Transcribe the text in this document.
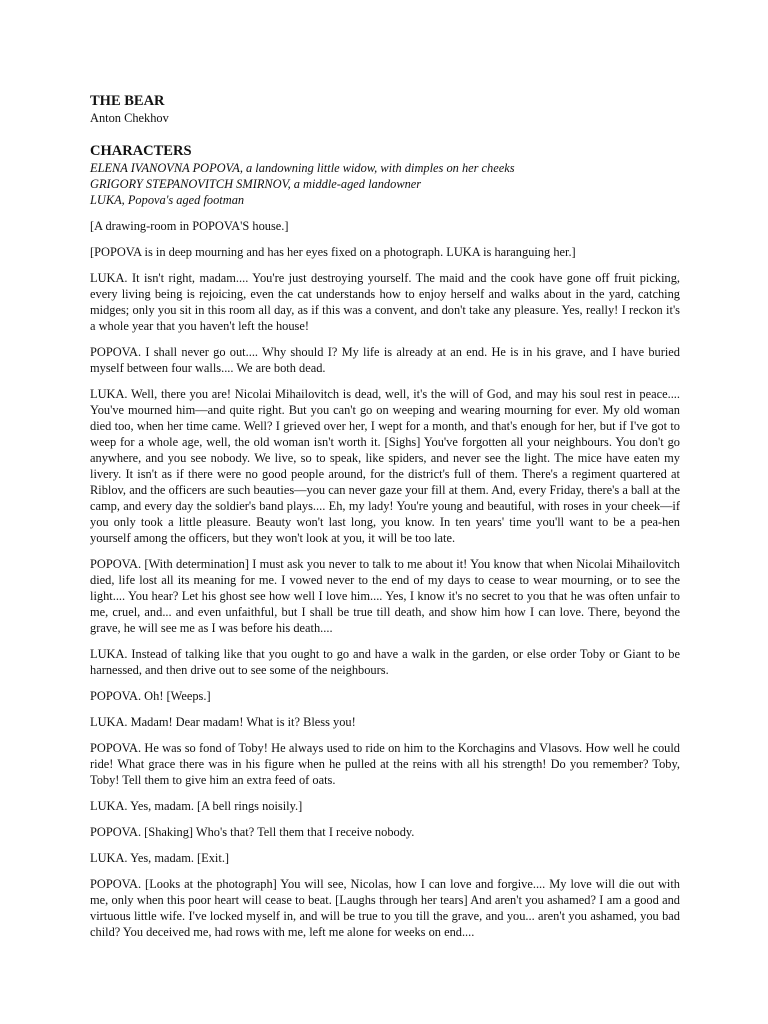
THE BEAR
Anton Chekhov
CHARACTERS
ELENA IVANOVNA POPOVA, a landowning little widow, with dimples on her cheeks
GRIGORY STEPANOVITCH SMIRNOV, a middle-aged landowner
LUKA, Popova's aged footman

[A drawing-room in POPOVA'S house.]

[POPOVA is in deep mourning and has her eyes fixed on a photograph. LUKA is haranguing her.]

LUKA. It isn't right, madam.... You're just destroying yourself. The maid and the cook have gone off fruit picking, every living being is rejoicing, even the cat understands how to enjoy herself and walks about in the yard, catching midges; only you sit in this room all day, as if this was a convent, and don't take any pleasure. Yes, really! I reckon it's a whole year that you haven't left the house!

POPOVA. I shall never go out.... Why should I? My life is already at an end. He is in his grave, and I have buried myself between four walls.... We are both dead.

LUKA. Well, there you are! Nicolai Mihailovitch is dead, well, it's the will of God, and may his soul rest in peace.... You've mourned him—and quite right. But you can't go on weeping and wearing mourning for ever. My old woman died too, when her time came. Well? I grieved over her, I wept for a month, and that's enough for her, but if I've got to weep for a whole age, well, the old woman isn't worth it. [Sighs] You've forgotten all your neighbours. You don't go anywhere, and you see nobody. We live, so to speak, like spiders, and never see the light. The mice have eaten my livery. It isn't as if there were no good people around, for the district's full of them. There's a regiment quartered at Riblov, and the officers are such beauties—you can never gaze your fill at them. And, every Friday, there's a ball at the camp, and every day the soldier's band plays.... Eh, my lady! You're young and beautiful, with roses in your cheek—if you only took a little pleasure. Beauty won't last long, you know. In ten years' time you'll want to be a pea-hen yourself among the officers, but they won't look at you, it will be too late.

POPOVA. [With determination] I must ask you never to talk to me about it! You know that when Nicolai Mihailovitch died, life lost all its meaning for me. I vowed never to the end of my days to cease to wear mourning, or to see the light.... You hear? Let his ghost see how well I love him.... Yes, I know it's no secret to you that he was often unfair to me, cruel, and... and even unfaithful, but I shall be true till death, and show him how I can love. There, beyond the grave, he will see me as I was before his death....

LUKA. Instead of talking like that you ought to go and have a walk in the garden, or else order Toby or Giant to be harnessed, and then drive out to see some of the neighbours.

POPOVA. Oh! [Weeps.]

LUKA. Madam! Dear madam! What is it? Bless you!

POPOVA. He was so fond of Toby! He always used to ride on him to the Korchagins and Vlasovs. How well he could ride! What grace there was in his figure when he pulled at the reins with all his strength! Do you remember? Toby, Toby! Tell them to give him an extra feed of oats.

LUKA. Yes, madam. [A bell rings noisily.]

POPOVA. [Shaking] Who's that? Tell them that I receive nobody.

LUKA. Yes, madam. [Exit.]

POPOVA. [Looks at the photograph] You will see, Nicolas, how I can love and forgive.... My love will die out with me, only when this poor heart will cease to beat. [Laughs through her tears] And aren't you ashamed? I am a good and virtuous little wife. I've locked myself in, and will be true to you till the grave, and you... aren't you ashamed, you bad child? You deceived me, had rows with me, left me alone for weeks on end....
